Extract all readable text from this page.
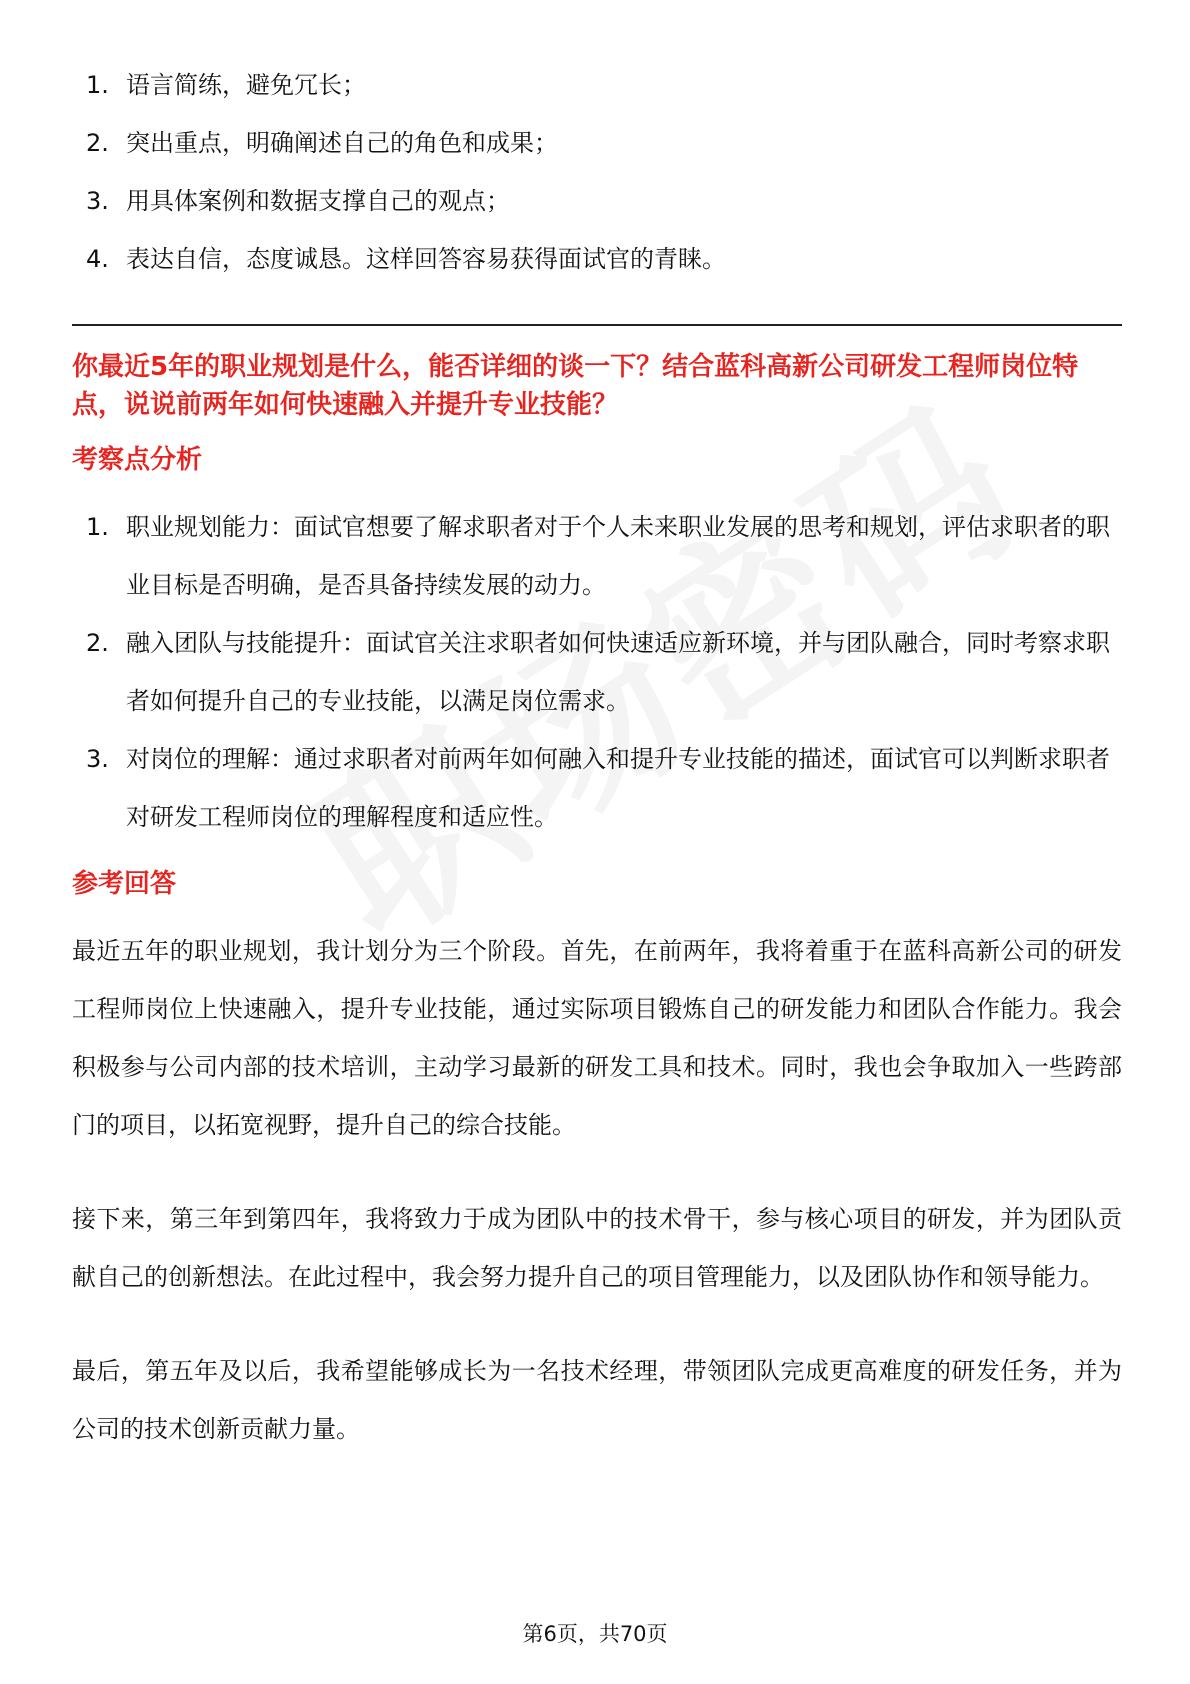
1. 语言简练，避免冗长；
2. 突出重点，明确阐述自己的角色和成果；
3. 用具体案例和数据支撑自己的观点；
4. 表达自信，态度诚恳。这样回答容易获得面试官的青睐。
你最近5年的职业规划是什么，能否详细的谈一下？结合蓝科高新公司研发工程师岗位特点，说说前两年如何快速融入并提升专业技能？
考察点分析
1. 职业规划能力：面试官想要了解求职者对于个人未来职业发展的思考和规划，评估求职者的职业目标是否明确，是否具备持续发展的动力。
2. 融入团队与技能提升：面试官关注求职者如何快速适应新环境，并与团队融合，同时考察求职者如何提升自己的专业技能，以满足岗位需求。
3. 对岗位的理解：通过求职者对前两年如何融入和提升专业技能的描述，面试官可以判断求职者对研发工程师岗位的理解程度和适应性。
参考回答

最近五年的职业规划，我计划分为三个阶段。首先，在前两年，我将着重于在蓝科高新公司的研发工程师岗位上快速融入，提升专业技能，通过实际项目锻炼自己的研发能力和团队合作能力。我会积极参与公司内部的技术培训，主动学习最新的研发工具和技术。同时，我也会争取加入一些跨部门的项目，以拓宽视野，提升自己的综合技能。

接下来，第三年到第四年，我将致力于成为团队中的技术骨干，参与核心项目的研发，并为团队贡献自己的创新想法。在此过程中，我会努力提升自己的项目管理能力，以及团队协作和领导能力。

最后，第五年及以后，我希望能够成长为一名技术经理，带领团队完成更高难度的研发任务，并为公司的技术创新贡献力量。

第6页，共70页
